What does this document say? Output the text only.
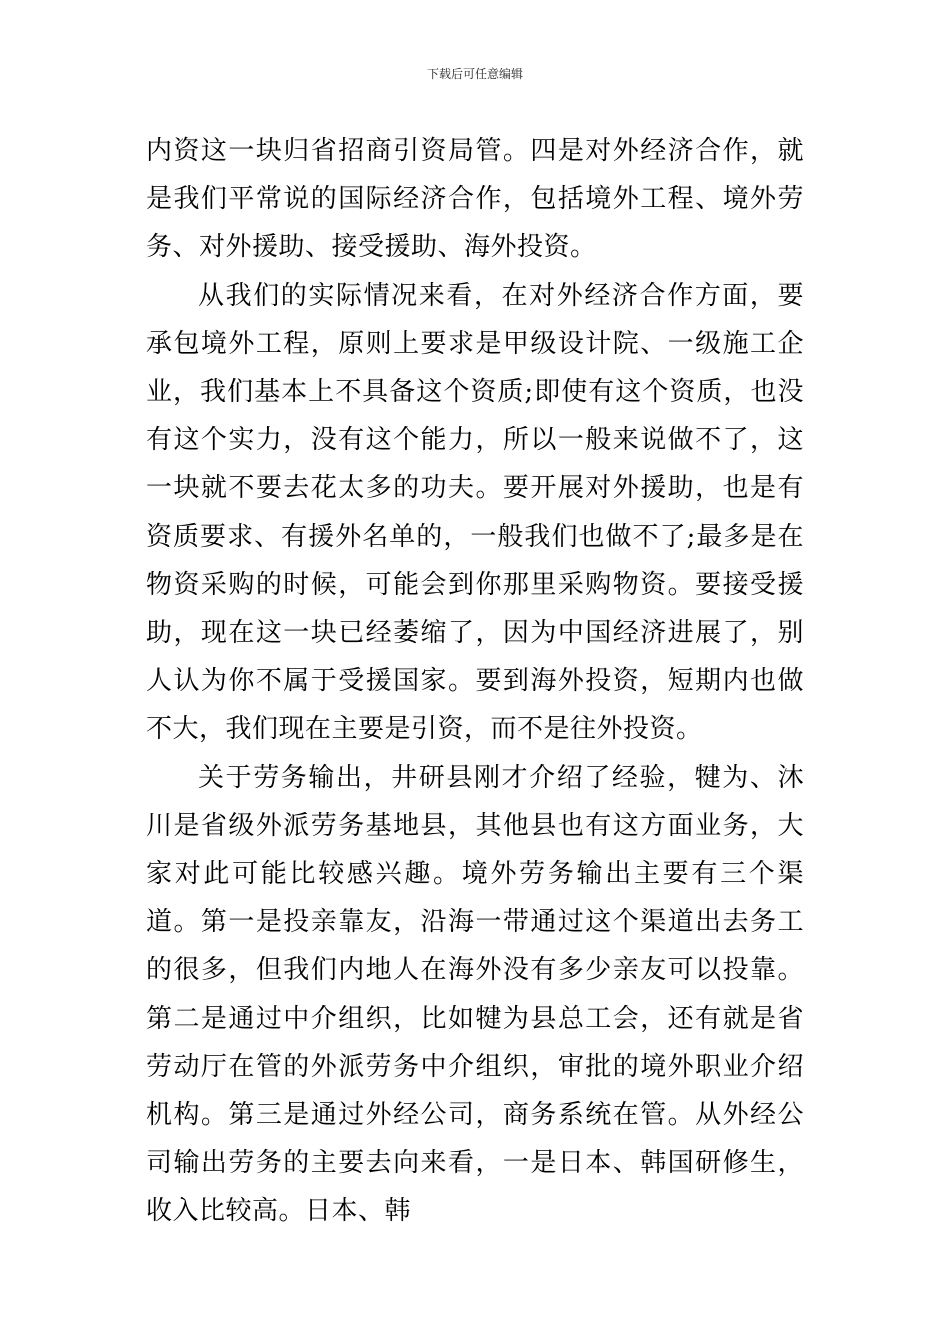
下载后可任意编辑

内资这一块归省招商引资局管。四是对外经济合作，就是我们平常说的国际经济合作，包括境外工程、境外劳务、对外援助、接受援助、海外投资。

从我们的实际情况来看，在对外经济合作方面，要承包境外工程，原则上要求是甲级设计院、一级施工企业，我们基本上不具备这个资质;即使有这个资质，也没有这个实力，没有这个能力，所以一般来说做不了，这一块就不要去花太多的功夫。要开展对外援助，也是有资质要求、有援外名单的，一般我们也做不了;最多是在物资采购的时候，可能会到你那里采购物资。要接受援助，现在这一块已经萎缩了，因为中国经济进展了，别人认为你不属于受援国家。要到海外投资，短期内也做不大，我们现在主要是引资，而不是往外投资。

关于劳务输出，井研县刚才介绍了经验，犍为、沐川是省级外派劳务基地县，其他县也有这方面业务，大家对此可能比较感兴趣。境外劳务输出主要有三个渠道。第一是投亲靠友，沿海一带通过这个渠道出去务工的很多，但我们内地人在海外没有多少亲友可以投靠。第二是通过中介组织，比如犍为县总工会，还有就是省劳动厅在管的外派劳务中介组织，审批的境外职业介绍机构。第三是通过外经公司，商务系统在管。从外经公司输出劳务的主要去向来看，一是日本、韩国研修生，收入比较高。日本、韩
